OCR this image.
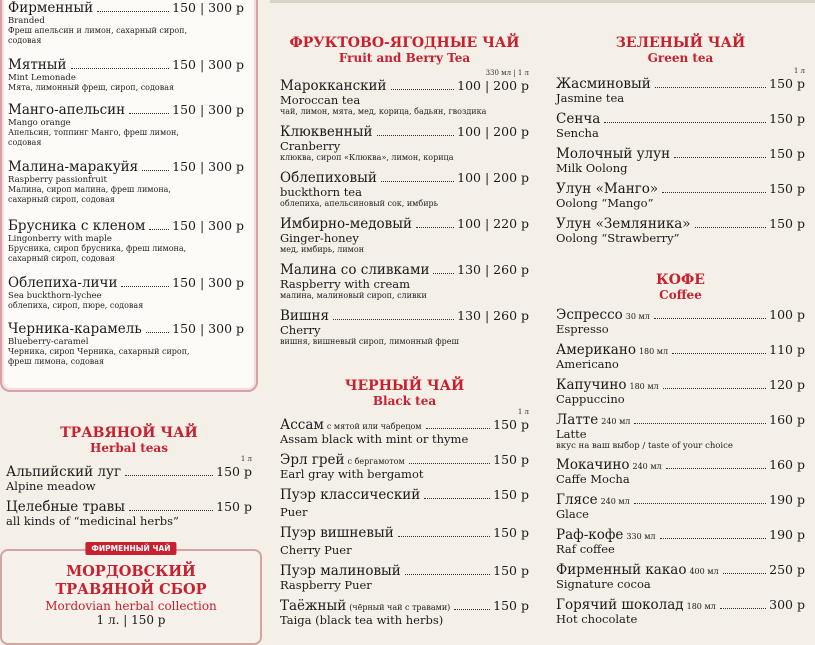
Фирменный	150 | 300 р
Branded
Фреш апельсин и лимон, сахарный сироп, содовая
Мятный	150 | 300 р
Mint Lemonade
Мята, лимонный фреш, сироп, содовая
Манго-апельсин	150 | 300 р
Mango orange
Апельсин, топпинг Манго, фреш лимон, содовая
Малина-маракуйя	150 | 300 р
Raspberry passionfruit
Малина, сироп малина, фреш лимона, сахарный сироп, содовая
Брусника с кленом 150 | 300 р
Lingonberry with maple
Брусника, сироп брусника, фреш лимона, сахарный сироп, содовая
Облепиха-личи	150 | 300 р
Sea buckthorn-lychee
облепиха, сироп, пюре, содовая
Черника-карамель 150 | 300 р
Blueberry-caramel
Черника, сироп Черника, сахарный сироп, фреш лимона, содовая
ТРАВЯНОЙ ЧАЙ
Herbal teas
1 л
Альпийский луг	150 р
Alpine meadow
Целебные травы	150 р
all kinds of “medicinal herbs”
ФИРМЕННЫЙ ЧАЙ
МОРДОВСКИЙ
ТРАВЯНОЙ СБОР
Mordovian herbal collection
1 л. | 150 р
ФРУКТОВО-ЯГОДНЫЕ ЧАЙ
Fruit and Berry Tea
330 мл | 1 л
Марокканский	100 | 200 р
Moroccan tea
чай, лимон, мята, мед, корица, бадьян, гвоздика
Клюквенный	100 | 200 р
Cranberry
клюква, сироп «Клюква», лимон, корица
Облепиховый	100 | 200 р
buckthorn tea
облепиха, апельсиновый сок, имбирь
Имбирно-медовый	100 | 220 р
Ginger-honey
мед, имбирь, лимон
Малина со сливками 130 | 260 р
Raspberry with cream
малина, малиновый сироп, сливки
Вишня	130 | 260 р
Cherry
вишня, вишневый сироп, лимонный фреш
ЧЕРНЫЙ ЧАЙ
Black tea
1 л
Ассам с мятой или чабрецом	150 р
Assam black with mint or thyme
Эрл грей с бергамотом	150 р
Earl gray with bergamot
Пуэр классический	150 р
Puer
Пуэр вишневый	150 р
Cherry Puer
Пуэр малиновый	150 р
Raspberry Puer
Таёжный (чёрный чай с травами)	150 р
Taiga (black tea with herbs)
ЗЕЛЕНЫЙ ЧАЙ
Green tea
1 л
Жасминовый	150 р
Jasmine tea
Сенча	150 р
Sencha
Молочный улун	150 р
Milk Oolong
Улун «Манго»	150 р
Oolong “Mango”
Улун «Земляника»	150 р
Oolong “Strawberry”
КОФЕ
Coffee
Эспрессо 30 мл	100 р
Espresso
Американо 180 мл	110 р
Americano
Капучино 180 мл	120 р
Cappuccino
Латте 240 мл	160 р
Latte
вкус на ваш выбор / taste of your choice
Мокачино 240 мл	160 р
Caffe Mocha
Глясе 240 мл	190 р
Glace
Раф-кофе 330 мл	190 р
Raf coffee
Фирменный какао 400 мл	250 р
Signature cocoa
Горячий шоколад 180 мл	300 р
Hot chocolate
